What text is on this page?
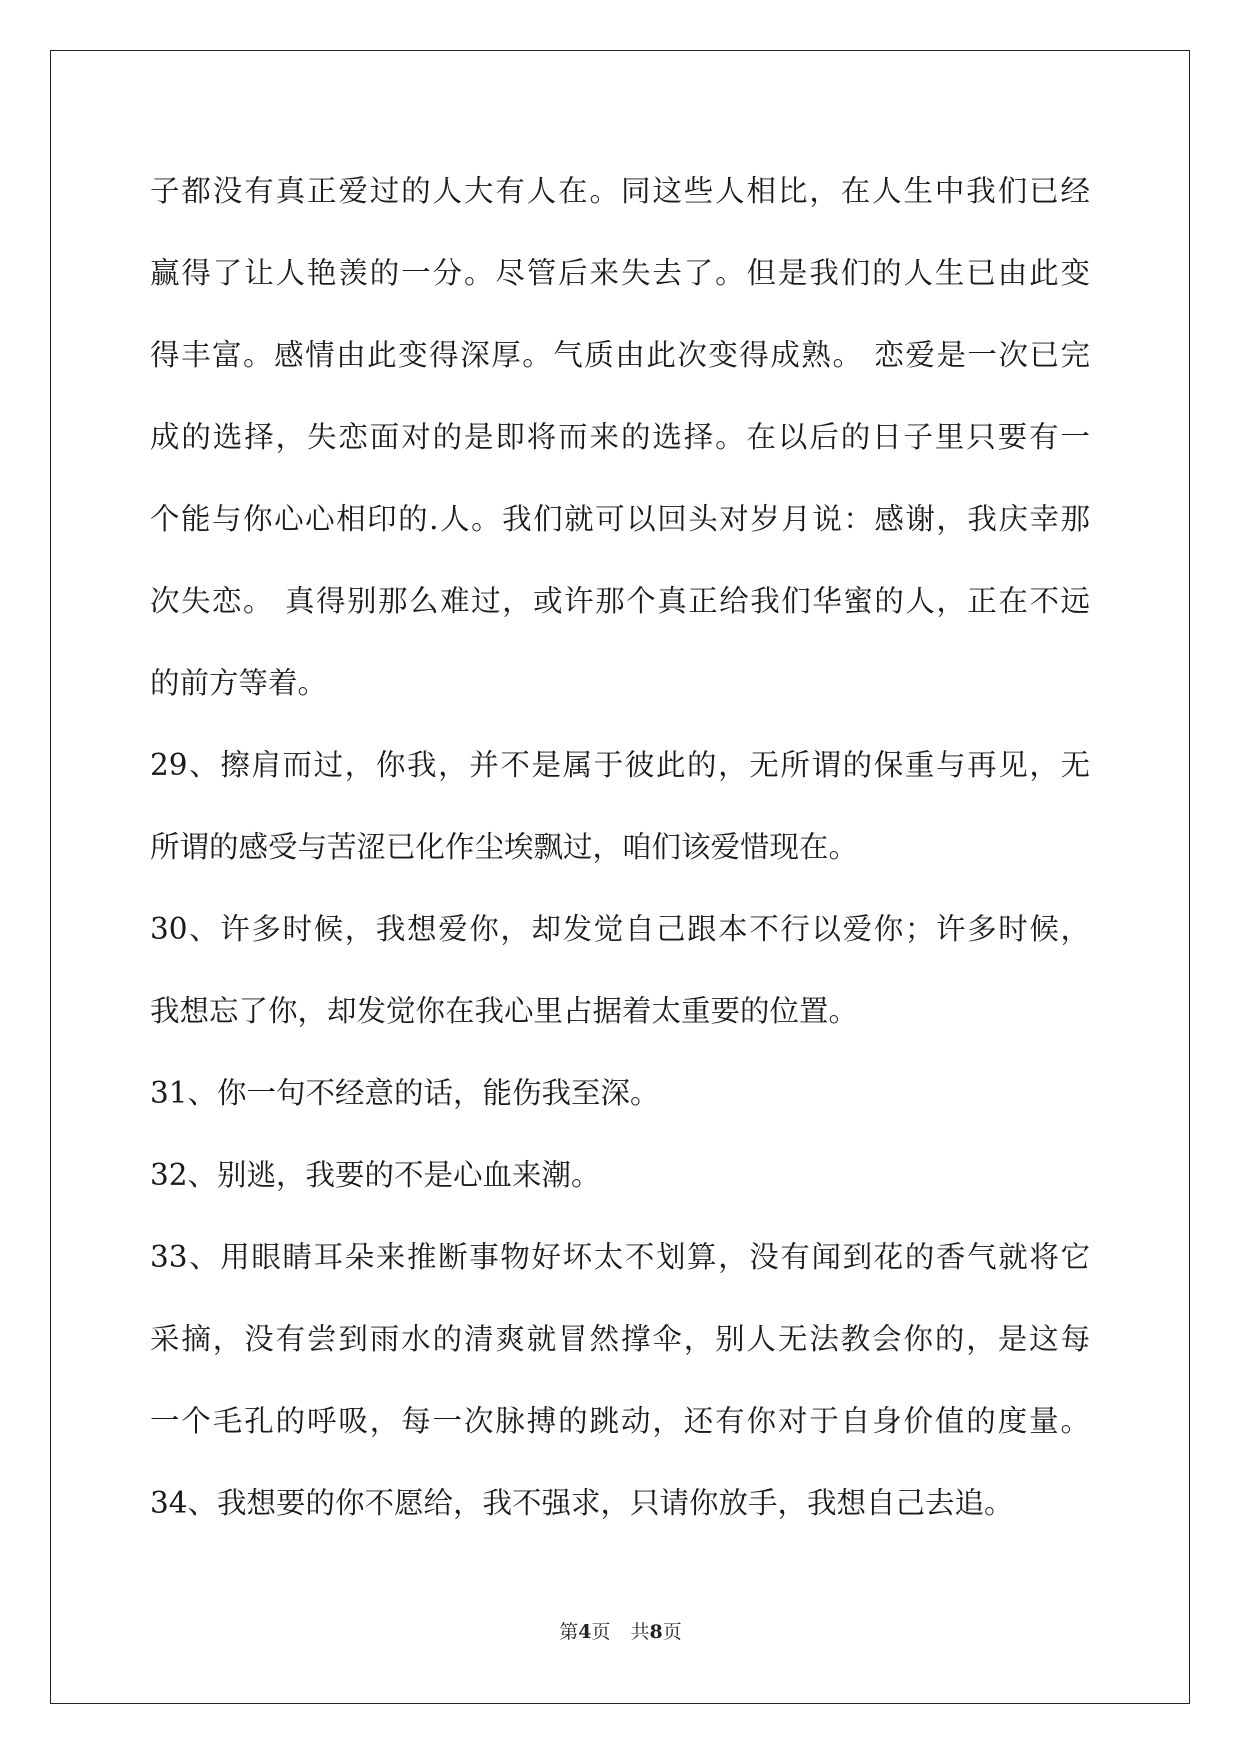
子都没有真正爱过的人大有人在。同这些人相比，在人生中我们已经
赢得了让人艳羡的一分。尽管后来失去了。但是我们的人生已由此变
得丰富。感情由此变得深厚。气质由此次变得成熟。 恋爱是一次已完
成的选择，失恋面对的是即将而来的选择。在以后的日子里只要有一
个能与你心心相印的.人。我们就可以回头对岁月说：感谢，我庆幸那
次失恋。 真得别那么难过，或许那个真正给我们华蜜的人，正在不远
的前方等着。
29、擦肩而过，你我，并不是属于彼此的，无所谓的保重与再见，无
所谓的感受与苦涩已化作尘埃飘过，咱们该爱惜现在。
30、许多时候，我想爱你，却发觉自己跟本不行以爱你；许多时候，
我想忘了你，却发觉你在我心里占据着太重要的位置。
31、你一句不经意的话，能伤我至深。
32、别逃，我要的不是心血来潮。
33、用眼睛耳朵来推断事物好坏太不划算，没有闻到花的香气就将它
采摘，没有尝到雨水的清爽就冒然撑伞，别人无法教会你的，是这每
一个毛孔的呼吸，每一次脉搏的跳动，还有你对于自身价值的度量。
34、我想要的你不愿给，我不强求，只请你放手，我想自己去追。
第4页 共8页
